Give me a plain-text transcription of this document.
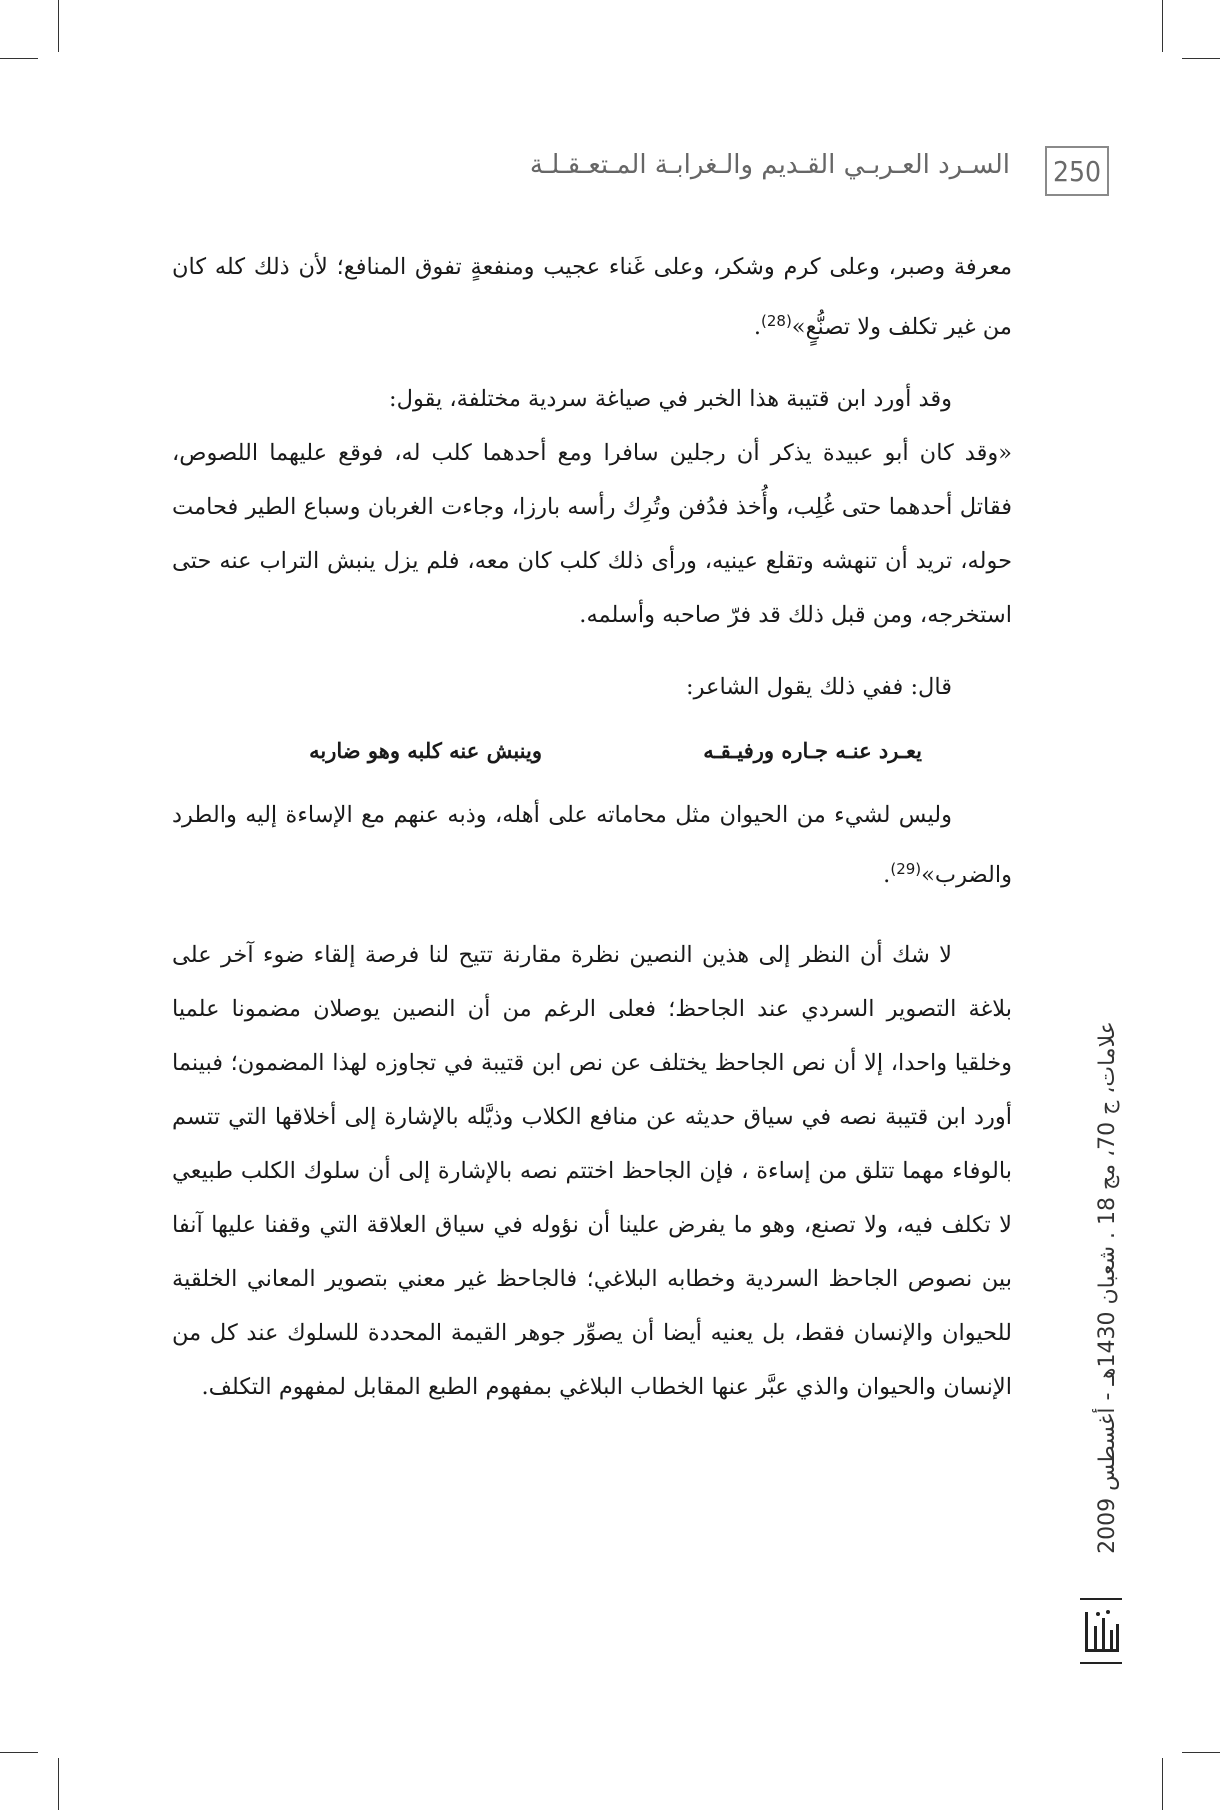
السـرد العـربـي القـديم والـغرابـة المـتعـقـلـة 250

معرفة وصبر، وعلى كرم وشكر، وعلى غَناء عجيب ومنفعةٍ تفوق المنافع؛ لأن ذلك كله كان من غير تكلف ولا تصنُّعٍ»$^{(28)}$.

وقد أورد ابن قتيبة هذا الخبر في صياغة سردية مختلفة، يقول:

«وقد كان أبو عبيدة يذكر أن رجلين سافرا ومع أحدهما كلب له، فوقع عليهما اللصوص، فقاتل أحدهما حتى غُلِب، وأُخذ فدُفن وتُرِك رأسه بارزا، وجاءت الغربان وسباع الطير فحامت حوله، تريد أن تنهشه وتقلع عينيه، ورأى ذلك كلب كان معه، فلم يزل ينبش التراب عنه حتى استخرجه، ومن قبل ذلك قد فرّ صاحبه وأسلمه.

قال: ففي ذلك يقول الشاعر:

يعـرد عنـه جـاره ورفيـقـه
وينبش عنه كلبه وهو ضاربه

وليس لشيء من الحيوان مثل محاماته على أهله، وذبه عنهم مع الإساءة إليه والطرد والضرب»$^{(29)}$.

لا شك أن النظر إلى هذين النصين نظرة مقارنة تتيح لنا فرصة إلقاء ضوء آخر على بلاغة التصوير السردي عند الجاحظ؛ فعلى الرغم من أن النصين يوصلان مضمونا علميا وخلقيا واحدا، إلا أن نص الجاحظ يختلف عن نص ابن قتيبة في تجاوزه لهذا المضمون؛ فبينما أورد ابن قتيبة نصه في سياق حديثه عن منافع الكلاب وذيَّله بالإشارة إلى أخلاقها التي تتسم بالوفاء مهما تتلق من إساءة ، فإن الجاحظ اختتم نصه بالإشارة إلى أن سلوك الكلب طبيعي لا تكلف فيه، ولا تصنع، وهو ما يفرض علينا أن نؤوله في سياق العلاقة التي وقفنا عليها آنفا بين نصوص الجاحظ السردية وخطابه البلاغي؛ فالجاحظ غير معني بتصوير المعاني الخلقية للحيوان والإنسان فقط، بل يعنيه أيضا أن يصوِّر جوهر القيمة المحددة للسلوك عند كل من الإنسان والحيوان والذي عبَّر عنها الخطاب البلاغي بمفهوم الطبع المقابل لمفهوم التكلف.

علامات، ج 70، مج 18 . شعبان 1430هـ - أغسطس 2009
